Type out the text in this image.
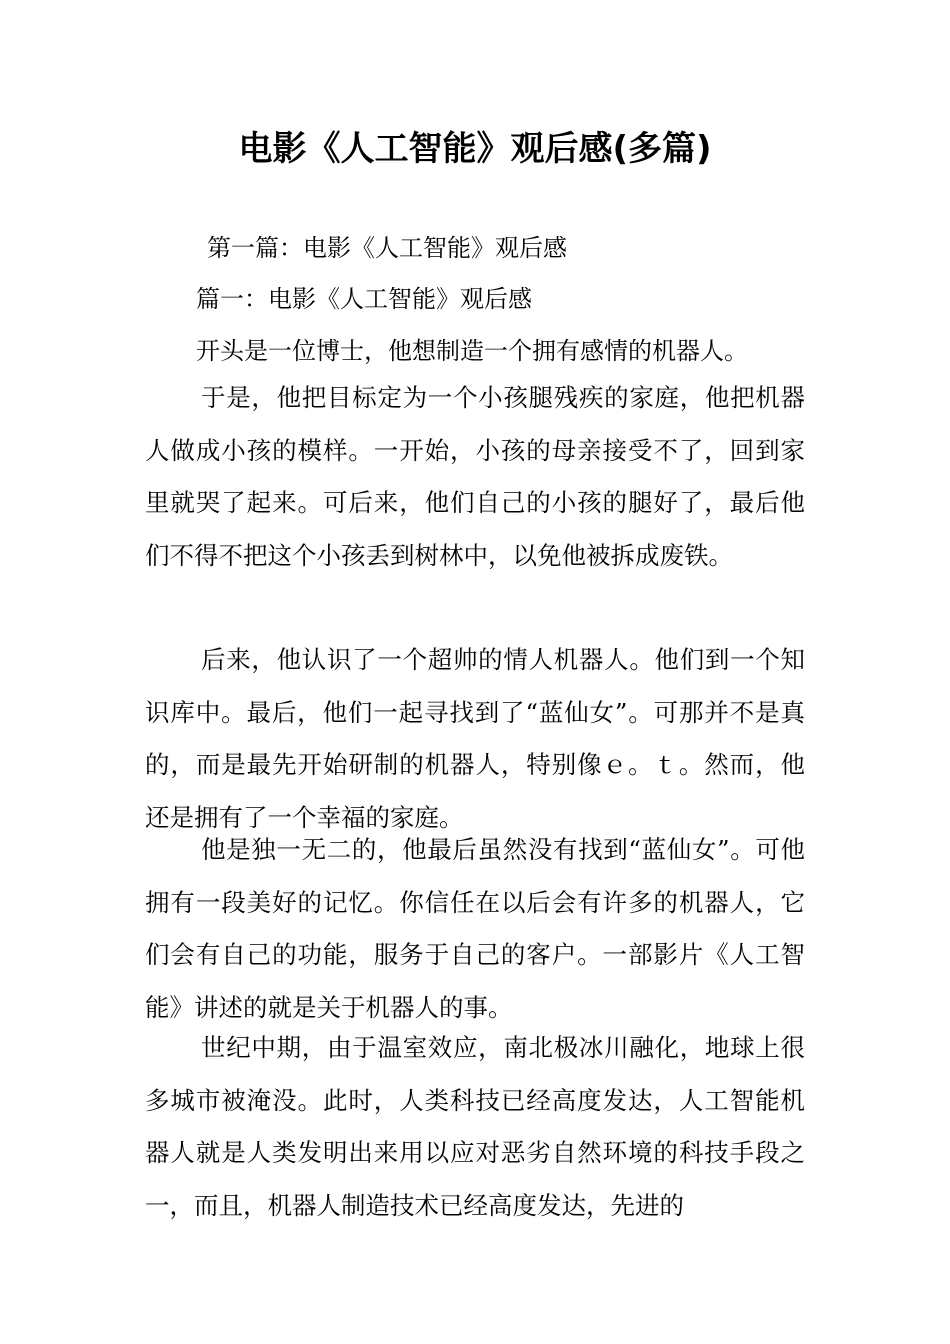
电影《人工智能》观后感(多篇)
第一篇：电影《人工智能》观后感
篇一：电影《人工智能》观后感
开头是一位博士，他想制造一个拥有感情的机器人。

于是，他把目标定为一个小孩腿残疾的家庭，他把机器人做成小孩的模样。一开始，小孩的母亲接受不了，回到家里就哭了起来。可后来，他们自己的小孩的腿好了，最后他们不得不把这个小孩丢到树林中，以免他被拆成废铁。

后来，他认识了一个超帅的情人机器人。他们到一个知识库中。最后，他们一起寻找到了“蓝仙女”。可那并不是真的，而是最先开始研制的机器人，特别像ｅ。ｔ。然而，他还是拥有了一个幸福的家庭。

他是独一无二的，他最后虽然没有找到“蓝仙女”。可他拥有一段美好的记忆。你信任在以后会有许多的机器人，它们会有自己的功能，服务于自己的客户。一部影片《人工智能》讲述的就是关于机器人的事。

世纪中期，由于温室效应，南北极冰川融化，地球上很多城市被淹没。此时，人类科技已经高度发达，人工智能机器人就是人类发明出来用以应对恶劣自然环境的科技手段之一，而且，机器人制造技术已经高度发达，先进的
